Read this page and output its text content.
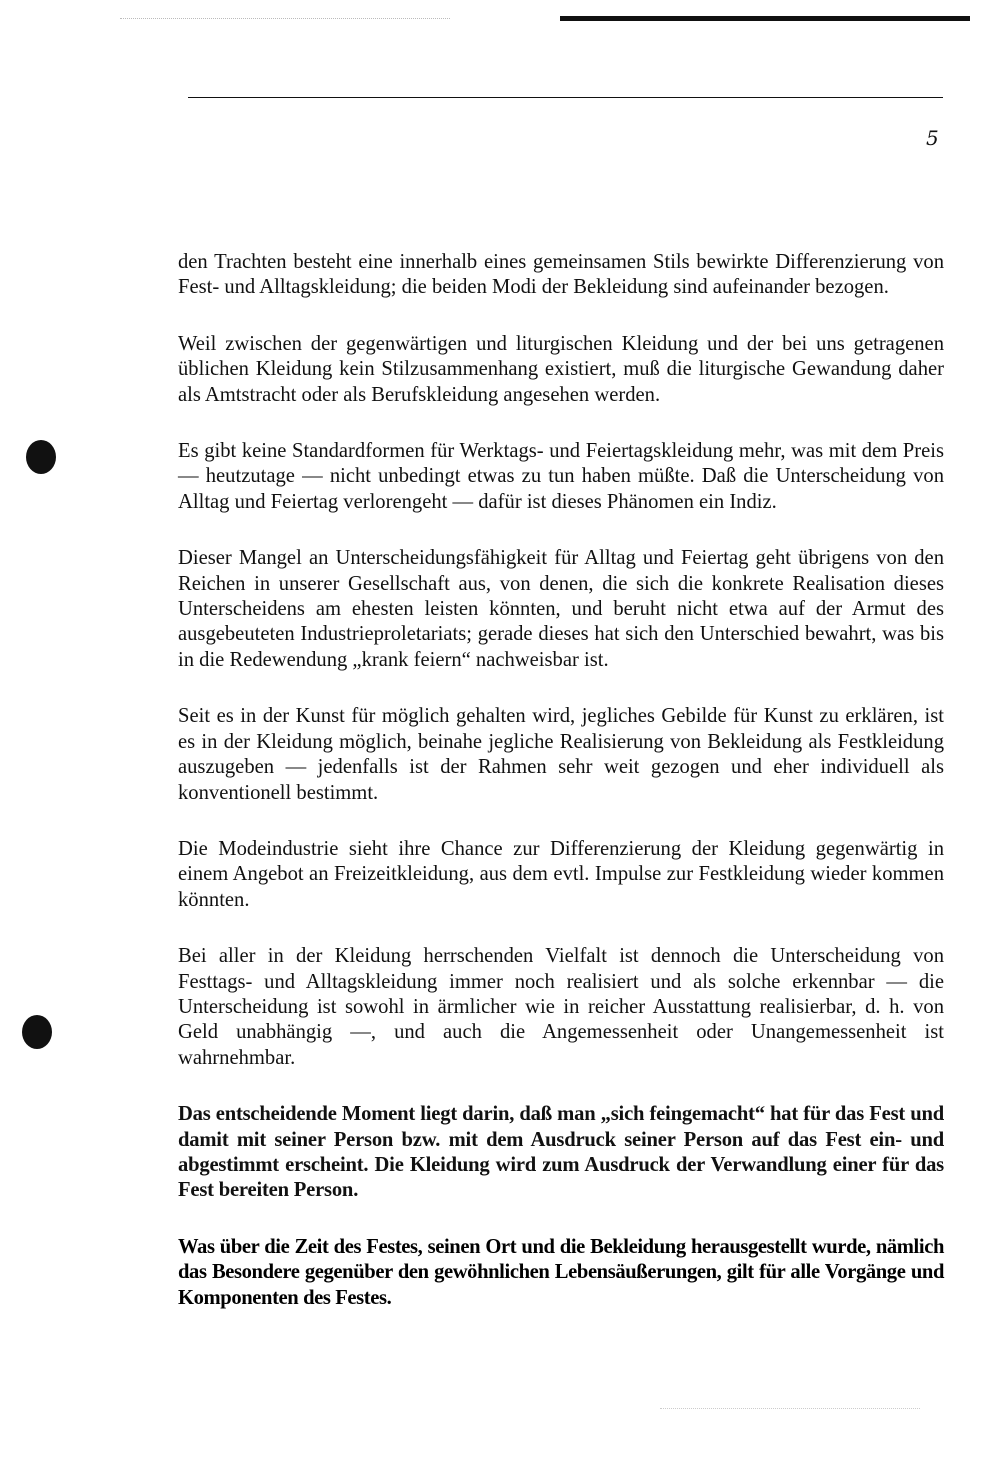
5

den Trachten besteht eine innerhalb eines gemeinsamen Stils bewirkte Differenzierung von Fest- und Alltagskleidung; die beiden Modi der Bekleidung sind aufeinander bezogen.

Weil zwischen der gegenwärtigen und liturgischen Kleidung und der bei uns getragenen üblichen Kleidung kein Stilzusammenhang existiert, muß die liturgische Gewandung daher als Amtstracht oder als Berufskleidung angesehen werden.

Es gibt keine Standardformen für Werktags- und Feiertagskleidung mehr, was mit dem Preis — heutzutage — nicht unbedingt etwas zu tun haben müßte. Daß die Unterscheidung von Alltag und Feiertag verlorengeht — dafür ist dieses Phänomen ein Indiz.

Dieser Mangel an Unterscheidungsfähigkeit für Alltag und Feiertag geht übrigens von den Reichen in unserer Gesellschaft aus, von denen, die sich die konkrete Realisation dieses Unterscheidens am ehesten leisten könnten, und beruht nicht etwa auf der Armut des ausgebeuteten Industrieproletariats; gerade dieses hat sich den Unterschied bewahrt, was bis in die Redewendung „krank feiern“ nachweisbar ist.

Seit es in der Kunst für möglich gehalten wird, jegliches Gebilde für Kunst zu erklären, ist es in der Kleidung möglich, beinahe jegliche Realisierung von Bekleidung als Festkleidung auszugeben — jedenfalls ist der Rahmen sehr weit gezogen und eher individuell als konventionell bestimmt.

Die Modeindustrie sieht ihre Chance zur Differenzierung der Kleidung gegenwärtig in einem Angebot an Freizeitkleidung, aus dem evtl. Impulse zur Festkleidung wieder kommen könnten.

Bei aller in der Kleidung herrschenden Vielfalt ist dennoch die Unterscheidung von Festtags- und Alltagskleidung immer noch realisiert und als solche erkennbar — die Unterscheidung ist sowohl in ärmlicher wie in reicher Ausstattung realisierbar, d. h. von Geld unabhängig —, und auch die Angemessenheit oder Unangemessenheit ist wahrnehmbar.

Das entscheidende Moment liegt darin, daß man „sich feingemacht“ hat für das Fest und damit mit seiner Person bzw. mit dem Ausdruck seiner Person auf das Fest ein- und abgestimmt erscheint. Die Kleidung wird zum Ausdruck der Verwandlung einer für das Fest bereiten Person.

Was über die Zeit des Festes, seinen Ort und die Bekleidung herausgestellt wurde, nämlich das Besondere gegenüber den gewöhnlichen Lebensäußerungen, gilt für alle Vorgänge und Komponenten des Festes.
